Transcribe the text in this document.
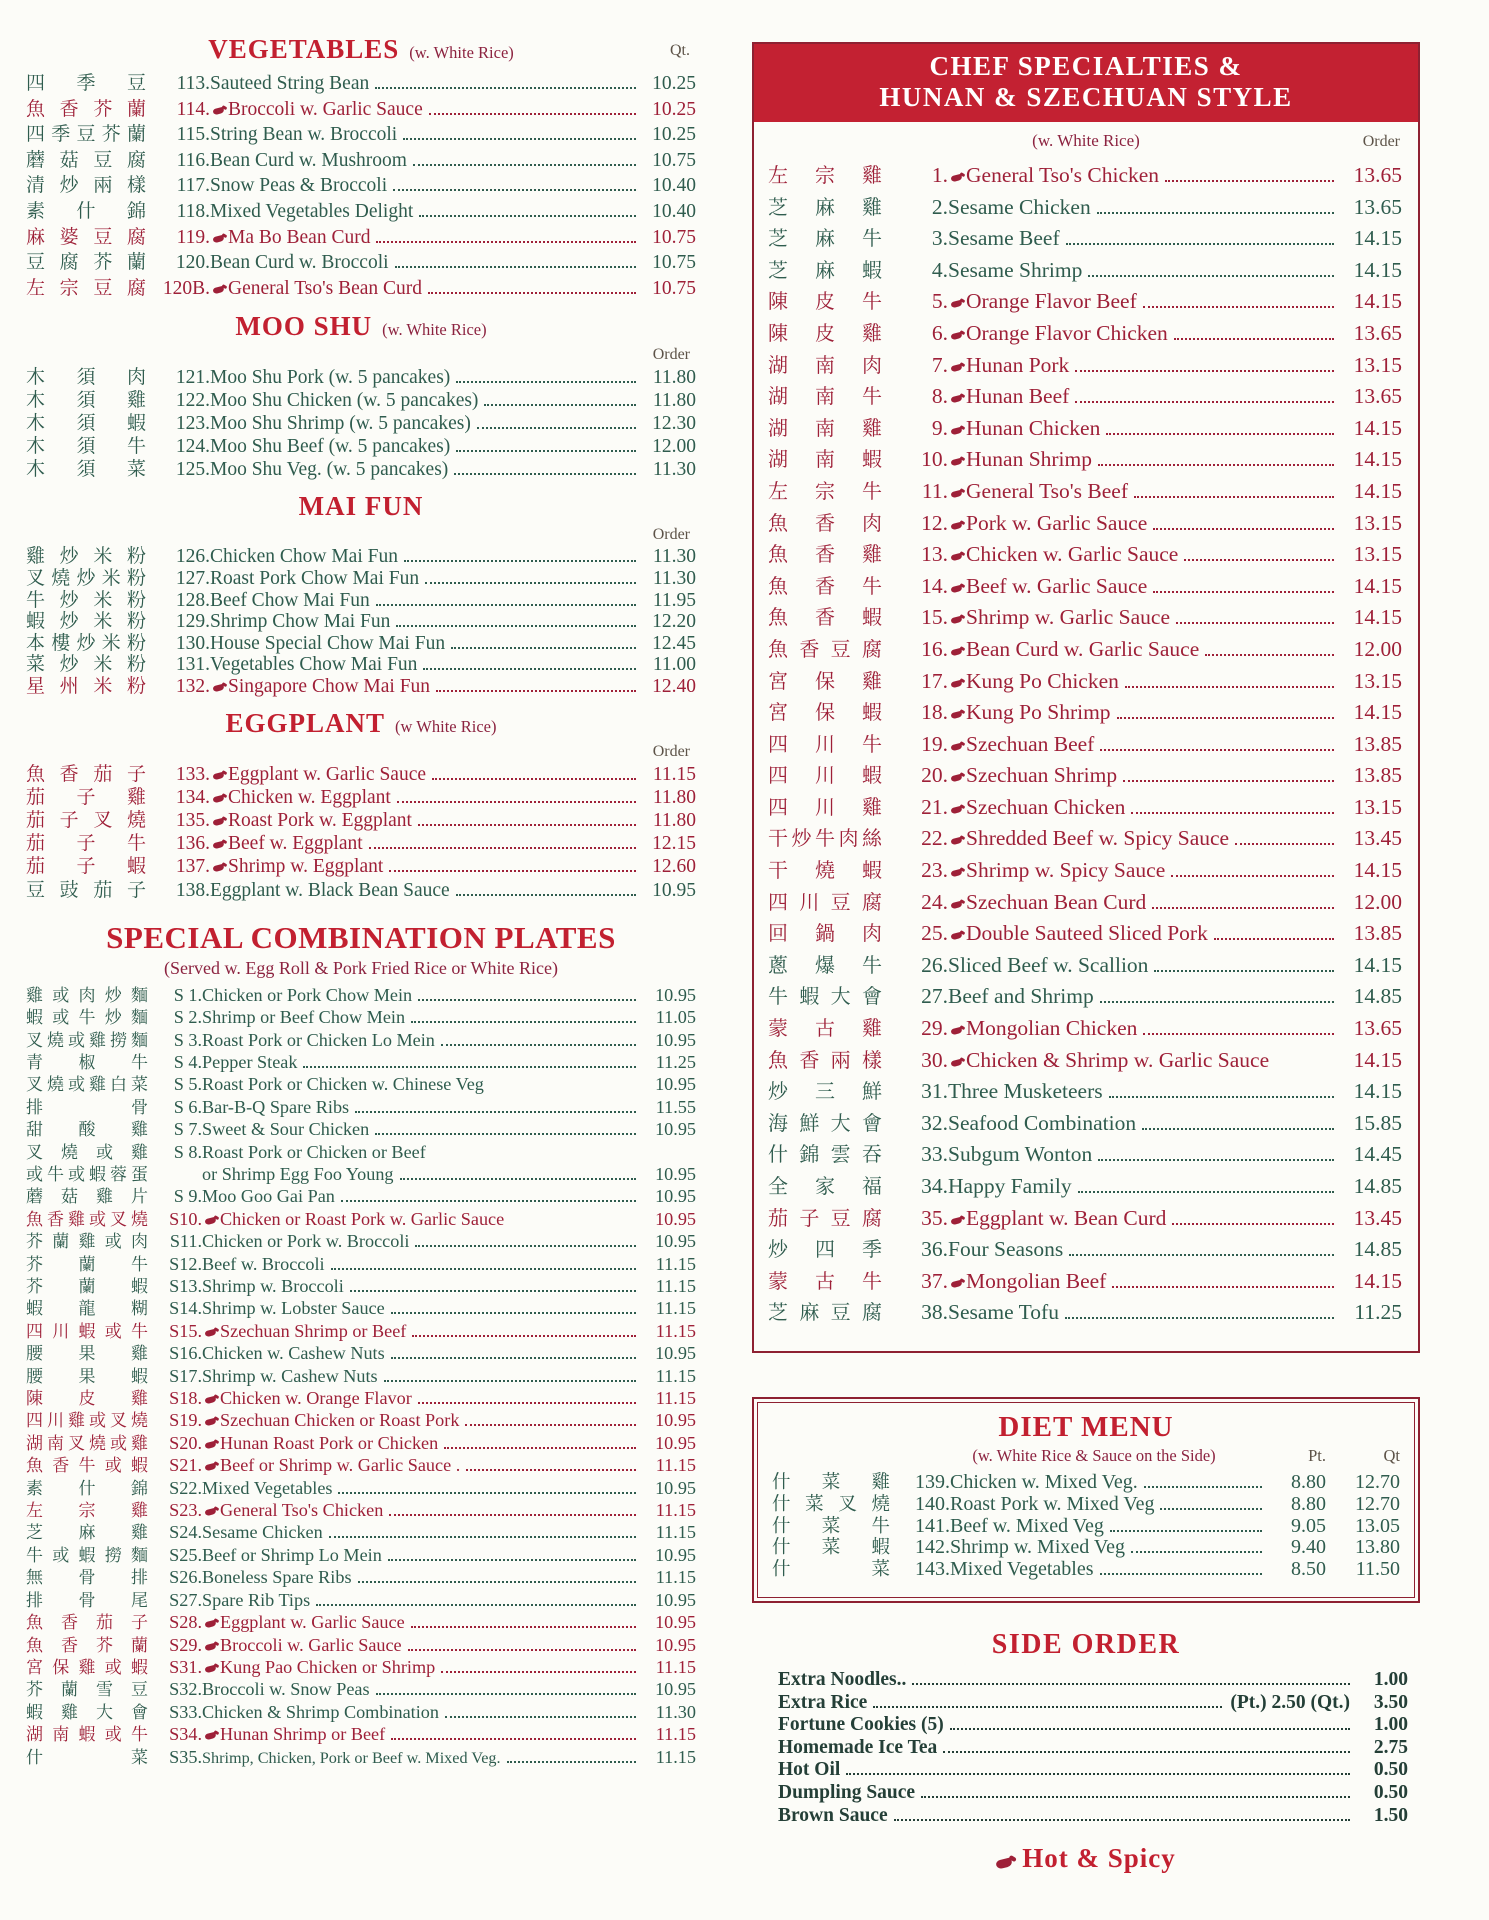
VEGETABLES (w. White Rice)	Qt.
四 季 豆	113. Sauteed String Bean	10.25
魚 香 芥 蘭	114. Broccoli w. Garlic Sauce	10.25
四 季 豆 芥 蘭	115. String Bean w. Broccoli	10.25
蘑 菇 豆 腐	116. Bean Curd w. Mushroom	10.75
清 炒 兩 樣	117. Snow Peas & Broccoli	10.40
素 什 錦	118. Mixed Vegetables Delight	10.40
麻 婆 豆 腐	119. Ma Bo Bean Curd	10.75
豆 腐 芥 蘭	120. Bean Curd w. Broccoli	10.75
左 宗 豆 腐 120B. General Tso's Bean Curd	10.75
MOO SHU (w. White Rice)
Order
木 須 肉	121. Moo Shu Pork (w. 5 pancakes)	11.80
木 須 雞	122. Moo Shu Chicken (w. 5 pancakes)	11.80
木 須 蝦	123. Moo Shu Shrimp (w. 5 pancakes)	12.30
木 須 牛	124. Moo Shu Beef (w. 5 pancakes)	12.00
木 須 菜	125. Moo Shu Veg. (w. 5 pancakes)	11.30
MAI FUN
Order
雞 炒 米 粉	126. Chicken Chow Mai Fun	11.30
叉 燒 炒 米 粉	127. Roast Pork Chow Mai Fun	11.30
牛 炒 米 粉	128. Beef Chow Mai Fun	11.95
蝦 炒 米 粉	129. Shrimp Chow Mai Fun	12.20
本 樓 炒 米 粉	130. House Special Chow Mai Fun	12.45
菜 炒 米 粉	131. Vegetables Chow Mai Fun	11.00
星 州 米 粉	132. Singapore Chow Mai Fun	12.40
EGGPLANT (w White Rice)
Order
魚 香 茄 子	133. Eggplant w. Garlic Sauce	11.15
茄 子 雞	134. Chicken w. Eggplant	11.80
茄 子 叉 燒	135. Roast Pork w. Eggplant	11.80
茄 子 牛	136. Beef w. Eggplant	12.15
茄 子 蝦	137. Shrimp w. Eggplant	12.60
豆 豉 茄 子	138. Eggplant w. Black Bean Sauce	10.95
SPECIAL COMBINATION PLATES
(Served w. Egg Roll & Pork Fried Rice or White Rice)
雞 或 肉 炒 麵	S 1. Chicken or Pork Chow Mein	10.95
蝦 或 牛 炒 麵	S 2. Shrimp or Beef Chow Mein	11.05
叉 燒 或 雞 撈 麵	S 3. Roast Pork or Chicken Lo Mein	10.95
青 椒 牛	S 4. Pepper Steak	11.25
叉 燒 或 雞 白 菜	S 5. Roast Pork or Chicken w. Chinese Veg	10.95
排	骨	S 6. Bar-B-Q Spare Ribs	11.55
甜 酸 雞	S 7. Sweet & Sour Chicken	10.95
叉 燒 或 雞	S 8. Roast Pork or Chicken or Beef
或 牛 或 蝦 蓉 蛋	or Shrimp Egg Foo Young	10.95
蘑 菇 雞 片	S 9. Moo Goo Gai Pan	10.95
魚 香 雞 或 叉 燒	S10. Chicken or Roast Pork w. Garlic Sauce	10.95
芥 蘭 雞 或 肉	S11. Chicken or Pork w. Broccoli	10.95
芥 蘭 牛	S12. Beef w. Broccoli	11.15
芥 蘭 蝦	S13. Shrimp w. Broccoli	11.15
蝦 龍 糊	S14. Shrimp w. Lobster Sauce	11.15
四 川 蝦 或 牛	S15. Szechuan Shrimp or Beef	11.15
腰 果 雞	S16. Chicken w. Cashew Nuts	10.95
腰 果 蝦	S17. Shrimp w. Cashew Nuts	11.15
陳 皮 雞	S18. Chicken w. Orange Flavor	11.15
四 川 雞 或 叉 燒	S19. Szechuan Chicken or Roast Pork	10.95
湖 南 叉 燒 或 雞	S20. Hunan Roast Pork or Chicken	10.95
魚 香 牛 或 蝦	S21. Beef or Shrimp w. Garlic Sauce .	11.15
素 什 錦	S22. Mixed Vegetables	10.95
左 宗 雞	S23. General Tso's Chicken	11.15
芝 麻 雞	S24. Sesame Chicken	11.15
牛 或 蝦 撈 麵	S25. Beef or Shrimp Lo Mein	10.95
無 骨 排	S26. Boneless Spare Ribs	11.15
排 骨 尾	S27. Spare Rib Tips	10.95
魚 香 茄 子	S28. Eggplant w. Garlic Sauce	10.95
魚 香 芥 蘭	S29. Broccoli w. Garlic Sauce	10.95
宮 保 雞 或 蝦	S31. Kung Pao Chicken or Shrimp	11.15
芥 蘭 雪 豆	S32. Broccoli w. Snow Peas	10.95
蝦 雞 大 會	S33. Chicken & Shrimp Combination	11.30
湖 南 蝦 或 牛	S34. Hunan Shrimp or Beef	11.15
什	菜	S35. Shrimp, Chicken, Pork or Beef w. Mixed Veg.	11.15
CHEF SPECIALTIES &
HUNAN & SZECHUAN STYLE
(w. White Rice)	Order
左 宗 雞	1. General Tso's Chicken	13.65
芝 麻 雞	2. Sesame Chicken	13.65
芝 麻 牛	3. Sesame Beef	14.15
芝 麻 蝦	4. Sesame Shrimp	14.15
陳 皮 牛	5. Orange Flavor Beef	14.15
陳 皮 雞	6. Orange Flavor Chicken	13.65
湖 南 肉	7. Hunan Pork	13.15
湖 南 牛	8. Hunan Beef	13.65
湖 南 雞	9. Hunan Chicken	14.15
湖 南 蝦	10. Hunan Shrimp	14.15
左 宗 牛	11. General Tso's Beef	14.15
魚 香 肉	12. Pork w. Garlic Sauce	13.15
魚 香 雞	13. Chicken w. Garlic Sauce	13.15
魚 香 牛	14. Beef w. Garlic Sauce	14.15
魚 香 蝦	15. Shrimp w. Garlic Sauce	14.15
魚 香 豆 腐	16. Bean Curd w. Garlic Sauce	12.00
宮 保 雞	17. Kung Po Chicken	13.15
宮 保 蝦	18. Kung Po Shrimp	14.15
四 川 牛	19. Szechuan Beef	13.85
四 川 蝦	20. Szechuan Shrimp	13.85
四 川 雞	21. Szechuan Chicken	13.15
干 炒 牛 肉 絲	22. Shredded Beef w. Spicy Sauce	13.45
干 燒 蝦	23. Shrimp w. Spicy Sauce	14.15
四 川 豆 腐	24. Szechuan Bean Curd	12.00
回 鍋 肉	25. Double Sauteed Sliced Pork	13.85
蔥 爆 牛	26. Sliced Beef w. Scallion	14.15
牛 蝦 大 會	27. Beef and Shrimp	14.85
蒙 古 雞	29. Mongolian Chicken	13.65
魚 香 兩 樣	30. Chicken & Shrimp w. Garlic Sauce	14.15
炒 三 鮮	31. Three Musketeers	14.15
海 鮮 大 會	32. Seafood Combination	15.85
什 錦 雲 吞	33. Subgum Wonton	14.45
全 家 福	34. Happy Family	14.85
茄 子 豆 腐	35. Eggplant w. Bean Curd	13.45
炒 四 季	36. Four Seasons	14.85
蒙 古 牛	37. Mongolian Beef	14.15
芝 麻 豆 腐	38. Sesame Tofu	11.25
DIET MENU
(w. White Rice & Sauce on the Side)	Pt.	Qt
什 菜 雞	139. Chicken w. Mixed Veg.	8.80	12.70
什 菜 叉 燒	140. Roast Pork w. Mixed Veg	8.80	12.70
什 菜 牛	141. Beef w. Mixed Veg	9.05	13.05
什 菜 蝦	142. Shrimp w. Mixed Veg	9.40	13.80
什	菜	143. Mixed Vegetables	8.50	11.50
SIDE ORDER
Extra Noodles..	1.00
Extra Rice	(Pt.) 2.50 (Qt.)	3.50
Fortune Cookies (5)	1.00
Homemade Ice Tea	2.75
Hot Oil	0.50
Dumpling Sauce	0.50
Brown Sauce	1.50
Hot & Spicy
